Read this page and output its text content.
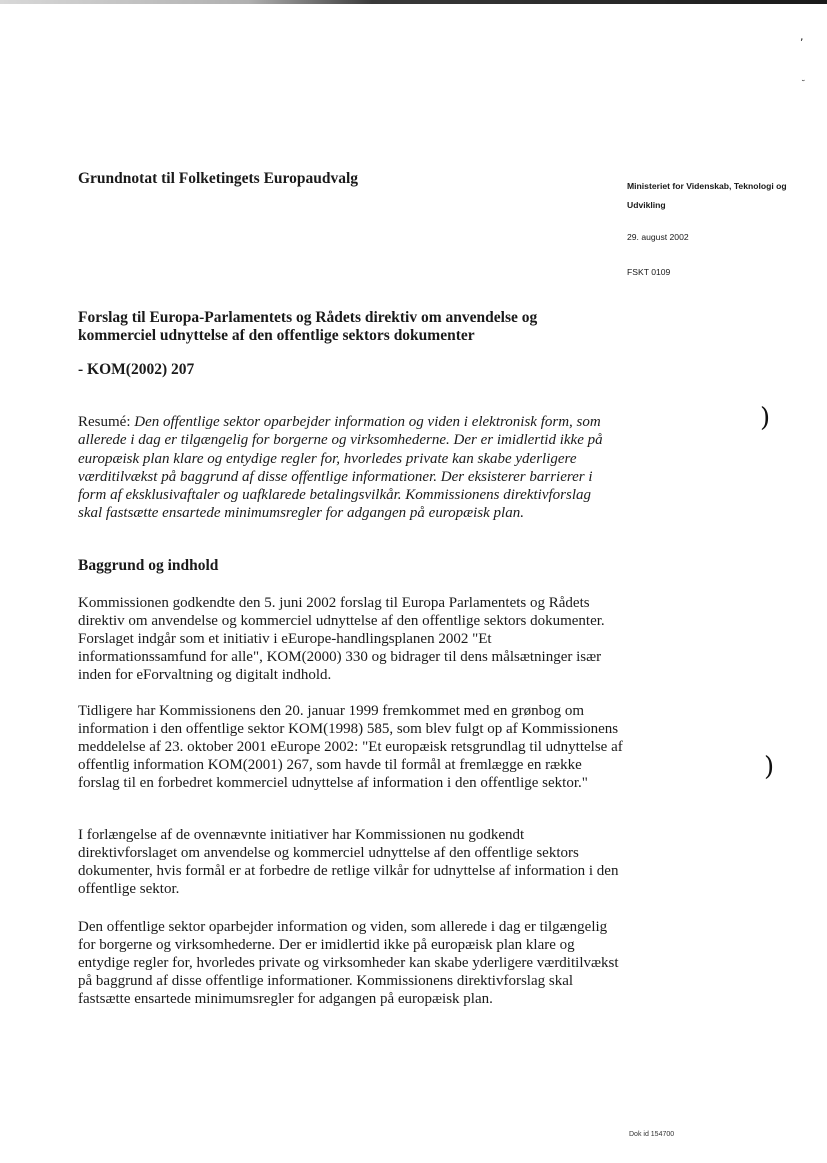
,
˘
Grundnotat til Folketingets Europaudvalg	Ministeriet for Videnskab, Teknologi og Udvikling
29. august 2002
FSKT 0109
Forslag til Europa-Parlamentets og Rådets direktiv om anvendelse og kommerciel udnyttelse af den offentlige sektors dokumenter
- KOM(2002) 207
Resumé: Den offentlige sektor oparbejder information og viden i elektronisk form, som allerede i dag er tilgængelig for borgerne og virksomhederne. Der er imidlertid ikke på europæisk plan klare og entydige regler for, hvorledes private kan skabe yderligere værditilvækst på baggrund af disse offentlige informationer. Der eksisterer barrierer i form af eksklusivaftaler og uafklarede betalingsvilkår. Kommissionens direktivforslag skal fastsætte ensartede minimumsregler for adgangen på europæisk plan.
)
Baggrund og indhold
Kommissionen godkendte den 5. juni 2002 forslag til Europa Parlamentets og Rådets direktiv om anvendelse og kommerciel udnyttelse af den offentlige sektors dokumenter. Forslaget indgår som et initiativ i eEurope-handlingsplanen 2002 "Et informationssamfund for alle", KOM(2000) 330 og bidrager til dens målsætninger især inden for eForvaltning og digitalt indhold.
Tidligere har Kommissionens den 20. januar 1999 fremkommet med en grønbog om information i den offentlige sektor KOM(1998) 585, som blev fulgt op af Kommissionens meddelelse af 23. oktober 2001 eEurope 2002: "Et europæisk retsgrundlag til udnyttelse af offentlig information KOM(2001) 267, som havde til formål at fremlægge en række forslag til en forbedret kommerciel udnyttelse af information i den offentlige sektor."
I forlængelse af de ovennævnte initiativer har Kommissionen nu godkendt direktivforslaget om anvendelse og kommerciel udnyttelse af den offentlige sektors dokumenter, hvis formål er at forbedre de retlige vilkår for udnyttelse af information i den offentlige sektor.
Den offentlige sektor oparbejder information og viden, som allerede i dag er tilgængelig for borgerne og virksomhederne. Der er imidlertid ikke på europæisk plan klare og entydige regler for, hvorledes private og virksomheder kan skabe yderligere værditilvækst på baggrund af disse offentlige informationer. Kommissionens direktivforslag skal fastsætte ensartede minimumsregler for adgangen på europæisk plan.
)
Dok id 154700
